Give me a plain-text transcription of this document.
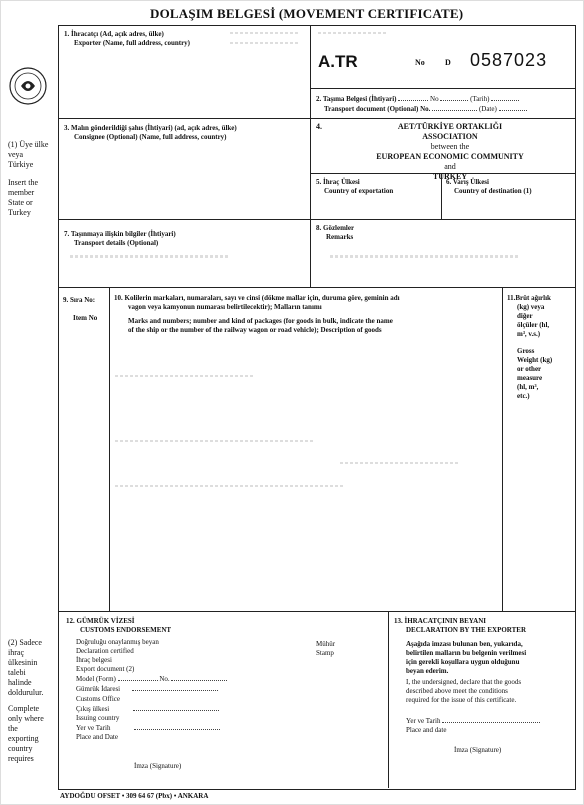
DOLAŞIM BELGESİ (MOVEMENT CERTIFICATE)
(1) Üye ülke
veya
Türkiye
Insert the
member
State or
Turkey
(2) Sadece
ihraç
ülkesinin
talebi
halinde
doldurulur.
Complete
only where
the
exporting
country
requires
1. İhracatçı (Ad, açık adres, ülke)
Exporter (Name, full address, country)
A.TR	No	D 0587023
2. Taşıma Belgesi (İhtiyari)	No	(Tarih)
Transport document (Optional) No.	(Date)
3. Malın gönderildiği şahıs (İhtiyari) (ad, açık adres, ülke)
Consignee (Optional) (Name, full address, country)
4.	AET/TÜRKİYE ORTAKLIĞI
ASSOCIATION
between the
EUROPEAN ECONOMIC COMMUNITY
and
TURKEY
5. İhraç Ülkesi
Country of exportation
6. Varış Ülkesi
Country of destination (1)
7. Taşınmaya ilişkin bilgiler (İhtiyari)
Transport details (Optional)
8. Gözlemler
Remarks
9. Sıra No:

Item No
10. Kolilerin markaları, numaraları, sayı ve cinsi (dökme mallar için, duruma göre, geminin adı
vagon veya kamyonun numarası belirtilecektir); Malların tanımı
Marks and numbers; number and kind of packages (for goods in bulk, indicate the name
of the ship or the number of the railway wagon or road vehicle); Description of goods
11.Brüt ağırlık
(kg) veya
diğer
ölçüler (hl,
m³, v.s.)
Gross
Weight (kg)
or other
measure
(hl, m³,
etc.)
12. GÜMRÜK VİZESİ
CUSTOMS ENDORSEMENT
Doğruluğu onaylanmış beyan
Declaration certified
İhraç belgesi
Export document (2)
Model (Form)	No.
Gümrük İdaresi
Customs Office
Çıkış ülkesi
Issuing country
Yer ve Tarih
Place and Date
Mühür
Stamp
İmza (Signature)
13. İHRACATÇININ BEYANI
DECLARATION BY THE EXPORTER
Aşağıda imzası bulunan ben, yukarıda,
belirtilen malların bu belgenin verilmesi
için gerekli koşullara uygun olduğunu
beyan ederim.
I, the undersigned, declare that the goods
described above meet the conditions
required for the issue of this certificate.
Yer ve Tarih
Place and date
İmza (Signature)
AYDOĞDU OFSET • 309 64 67 (Pbx) • ANKARA
